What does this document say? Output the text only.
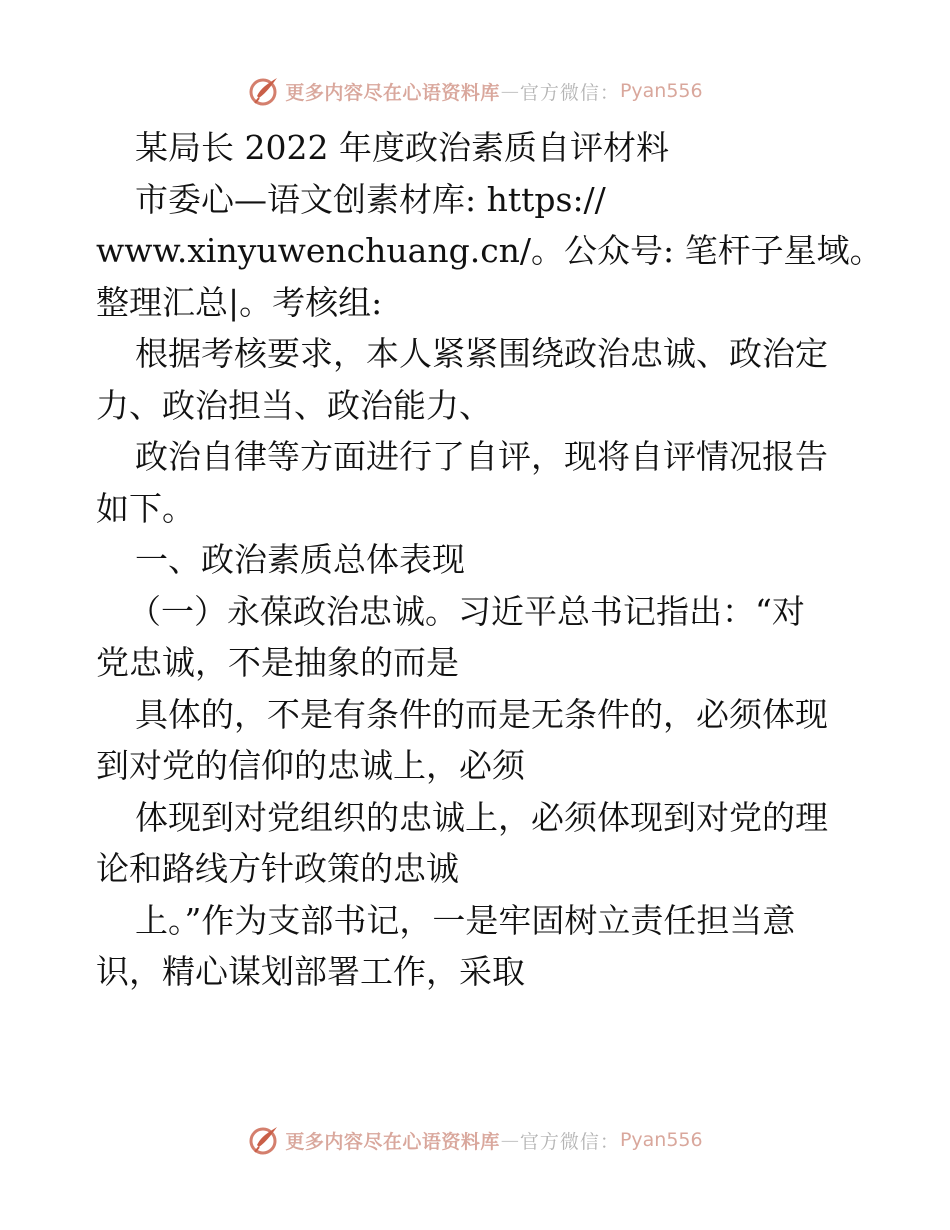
更多内容尽在心语资料库 — 官方微信： Pyan556
某局长 2022 年度政治素质自评材料
市委心—语文创素材库: https://
www.xinyuwenchuang.cn/。公众号: 笔杆子星域。
整理汇总|。考核组:
根据考核要求，本人紧紧围绕政治忠诚、政治定
力、政治担当、政治能力、
政治自律等方面进行了自评，现将自评情况报告
如下。
一、政治素质总体表现
（一）永葆政治忠诚。习近平总书记指出：“对
党忠诚，不是抽象的而是
具体的，不是有条件的而是无条件的，必须体现
到对党的信仰的忠诚上，必须
体现到对党组织的忠诚上，必须体现到对党的理
论和路线方针政策的忠诚
上。”作为支部书记，一是牢固树立责任担当意
识，精心谋划部署工作，采取
更多内容尽在心语资料库 — 官方微信： Pyan556
